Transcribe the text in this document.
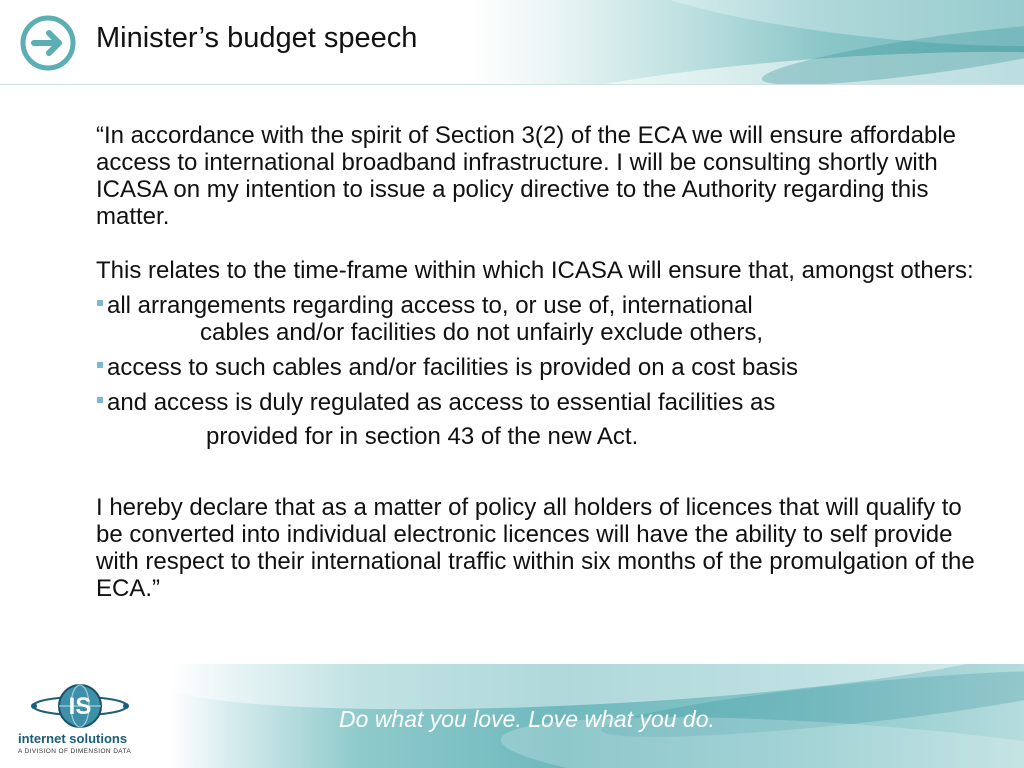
Minister’s budget speech

“In accordance with the spirit of Section 3(2) of the ECA we will ensure affordable access to international broadband infrastructure. I will be consulting shortly with ICASA on my intention to issue a policy directive to the Authority regarding this matter.

This relates to the time-frame within which ICASA will ensure that, amongst others:

all arrangements regarding access to, or use of, international
cables and/or facilities do not unfairly exclude others,

access to such cables and/or facilities is provided on a cost basis

and access is duly regulated as access to essential facilities as

provided for in section 43 of the new Act.

I hereby declare that as a matter of policy all holders of licences that will qualify to be converted into individual electronic licences will have the ability to self provide with respect to their international traffic within six months of the promulgation of the ECA.”

Do what you love. Love what you do.
IS
internet solutions
A DIVISION OF DIMENSION DATA
